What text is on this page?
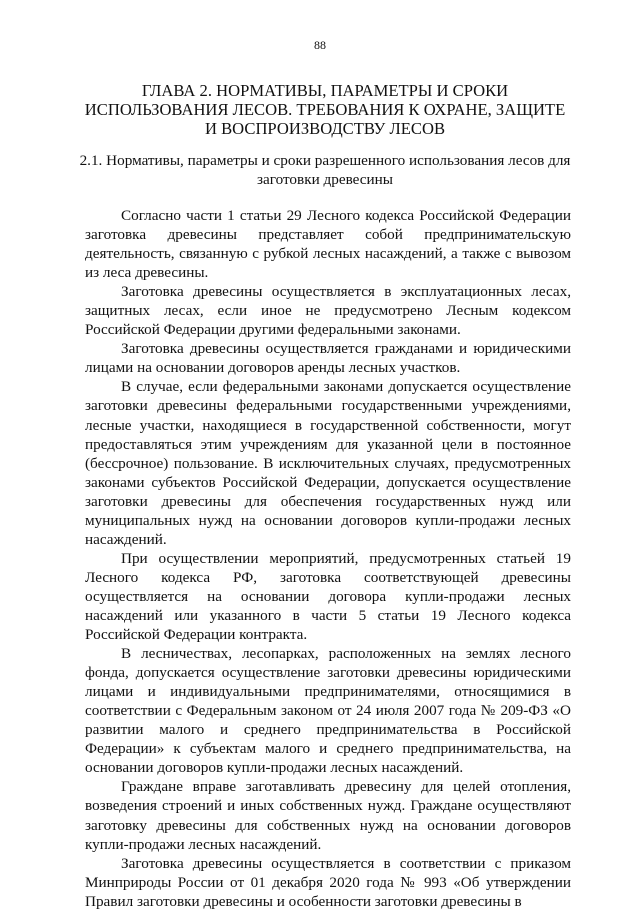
88
ГЛАВА 2. НОРМАТИВЫ, ПАРАМЕТРЫ И СРОКИ ИСПОЛЬЗОВАНИЯ ЛЕСОВ. ТРЕБОВАНИЯ К ОХРАНЕ, ЗАЩИТЕ И ВОСПРОИЗВОДСТВУ ЛЕСОВ
2.1. Нормативы, параметры и сроки разрешенного использования лесов для заготовки древесины

Согласно части 1 статьи 29 Лесного кодекса Российской Федерации заготовка древесины представляет собой предпринимательскую деятельность, связанную с рубкой лесных насаждений, а также с вывозом из леса древесины.

Заготовка древесины осуществляется в эксплуатационных лесах, защитных лесах, если иное не предусмотрено Лесным кодексом Российской Федерации другими федеральными законами.

Заготовка древесины осуществляется гражданами и юридическими лицами на основании договоров аренды лесных участков.

В случае, если федеральными законами допускается осуществление заготовки древесины федеральными государственными учреждениями, лесные участки, находящиеся в государственной собственности, могут предоставляться этим учреждениям для указанной цели в постоянное (бессрочное) пользование. В исключительных случаях, предусмотренных законами субъектов Российской Федерации, допускается осуществление заготовки древесины для обеспечения государственных нужд или муниципальных нужд на основании договоров купли-продажи лесных насаждений.

При осуществлении мероприятий, предусмотренных статьей 19 Лесного кодекса РФ, заготовка соответствующей древесины осуществляется на основании договора купли-продажи лесных насаждений или указанного в части 5 статьи 19 Лесного кодекса Российской Федерации контракта.

В лесничествах, лесопарках, расположенных на землях лесного фонда, допускается осуществление заготовки древесины юридическими лицами и индивидуальными предпринимателями, относящимися в соответствии с Федеральным законом от 24 июля 2007 года № 209-ФЗ «О развитии малого и среднего предпринимательства в Российской Федерации» к субъектам малого и среднего предпринимательства, на основании договоров купли-продажи лесных насаждений.

Граждане вправе заготавливать древесину для целей отопления, возведения строений и иных собственных нужд. Граждане осуществляют заготовку древесины для собственных нужд на основании договоров купли-продажи лесных насаждений.

Заготовка древесины осуществляется в соответствии с приказом Минприроды России от 01 декабря 2020 года № 993 «Об утверждении Правил заготовки древесины и особенности заготовки древесины в
